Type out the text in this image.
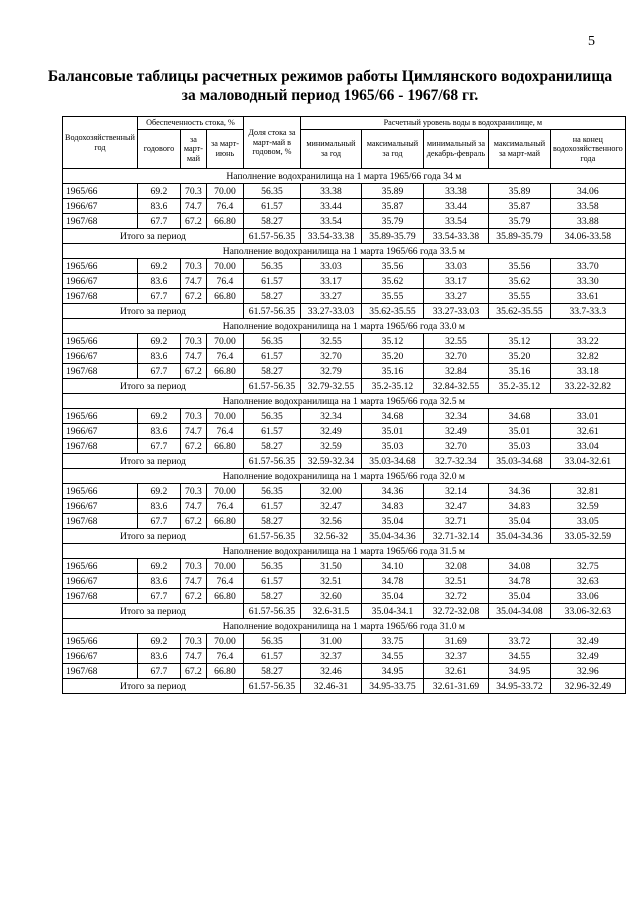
5
Балансовые таблицы расчетных режимов работы Цимлянского водохранилища
за маловодный период 1965/66 - 1967/68 гг.
Водохозяйственный год	Обеспеченность стока, %			Доля стока за март-май в годовом, %	Расчетный уровень воды в водохранилище, м				
	годового	за март-май	за март-июнь		минимальный за год	максимальный за год	минимальный за декабрь-февраль	максимальный за март-май	на конец водохозяйственного года
Наполнение водохранилища на 1 марта 1965/66 года 34 м									
1965/66	69.2	70.3	70.00	56.35	33.38	35.89	33.38	35.89	34.06
1966/67	83.6	74.7	76.4	61.57	33.44	35.87	33.44	35.87	33.58
1967/68	67.7	67.2	66.80	58.27	33.54	35.79	33.54	35.79	33.88
Итого за период				61.57-56.35	33.54-33.38	35.89-35.79	33.54-33.38	35.89-35.79	34.06-33.58
Наполнение водохранилища на 1 марта 1965/66 года 33.5 м									
1965/66	69.2	70.3	70.00	56.35	33.03	35.56	33.03	35.56	33.70
1966/67	83.6	74.7	76.4	61.57	33.17	35.62	33.17	35.62	33.30
1967/68	67.7	67.2	66.80	58.27	33.27	35.55	33.27	35.55	33.61
Итого за период				61.57-56.35	33.27-33.03	35.62-35.55	33.27-33.03	35.62-35.55	33.7-33.3
Наполнение водохранилища на 1 марта 1965/66 года 33.0 м									
1965/66	69.2	70.3	70.00	56.35	32.55	35.12	32.55	35.12	33.22
1966/67	83.6	74.7	76.4	61.57	32.70	35.20	32.70	35.20	32.82
1967/68	67.7	67.2	66.80	58.27	32.79	35.16	32.84	35.16	33.18
Итого за период				61.57-56.35	32.79-32.55	35.2-35.12	32.84-32.55	35.2-35.12	33.22-32.82
Наполнение водохранилища на 1 марта 1965/66 года 32.5 м									
1965/66	69.2	70.3	70.00	56.35	32.34	34.68	32.34	34.68	33.01
1966/67	83.6	74.7	76.4	61.57	32.49	35.01	32.49	35.01	32.61
1967/68	67.7	67.2	66.80	58.27	32.59	35.03	32.70	35.03	33.04
Итого за период				61.57-56.35	32.59-32.34	35.03-34.68	32.7-32.34	35.03-34.68	33.04-32.61
Наполнение водохранилища на 1 марта 1965/66 года 32.0 м									
1965/66	69.2	70.3	70.00	56.35	32.00	34.36	32.14	34.36	32.81
1966/67	83.6	74.7	76.4	61.57	32.47	34.83	32.47	34.83	32.59
1967/68	67.7	67.2	66.80	58.27	32.56	35.04	32.71	35.04	33.05
Итого за период				61.57-56.35	32.56-32	35.04-34.36	32.71-32.14	35.04-34.36	33.05-32.59
Наполнение водохранилища на 1 марта 1965/66 года 31.5 м									
1965/66	69.2	70.3	70.00	56.35	31.50	34.10	32.08	34.08	32.75
1966/67	83.6	74.7	76.4	61.57	32.51	34.78	32.51	34.78	32.63
1967/68	67.7	67.2	66.80	58.27	32.60	35.04	32.72	35.04	33.06
Итого за период				61.57-56.35	32.6-31.5	35.04-34.1	32.72-32.08	35.04-34.08	33.06-32.63
Наполнение водохранилища на 1 марта 1965/66 года 31.0 м									
1965/66	69.2	70.3	70.00	56.35	31.00	33.75	31.69	33.72	32.49
1966/67	83.6	74.7	76.4	61.57	32.37	34.55	32.37	34.55	32.49
1967/68	67.7	67.2	66.80	58.27	32.46	34.95	32.61	34.95	32.96
Итого за период				61.57-56.35	32.46-31	34.95-33.75	32.61-31.69	34.95-33.72	32.96-32.49
